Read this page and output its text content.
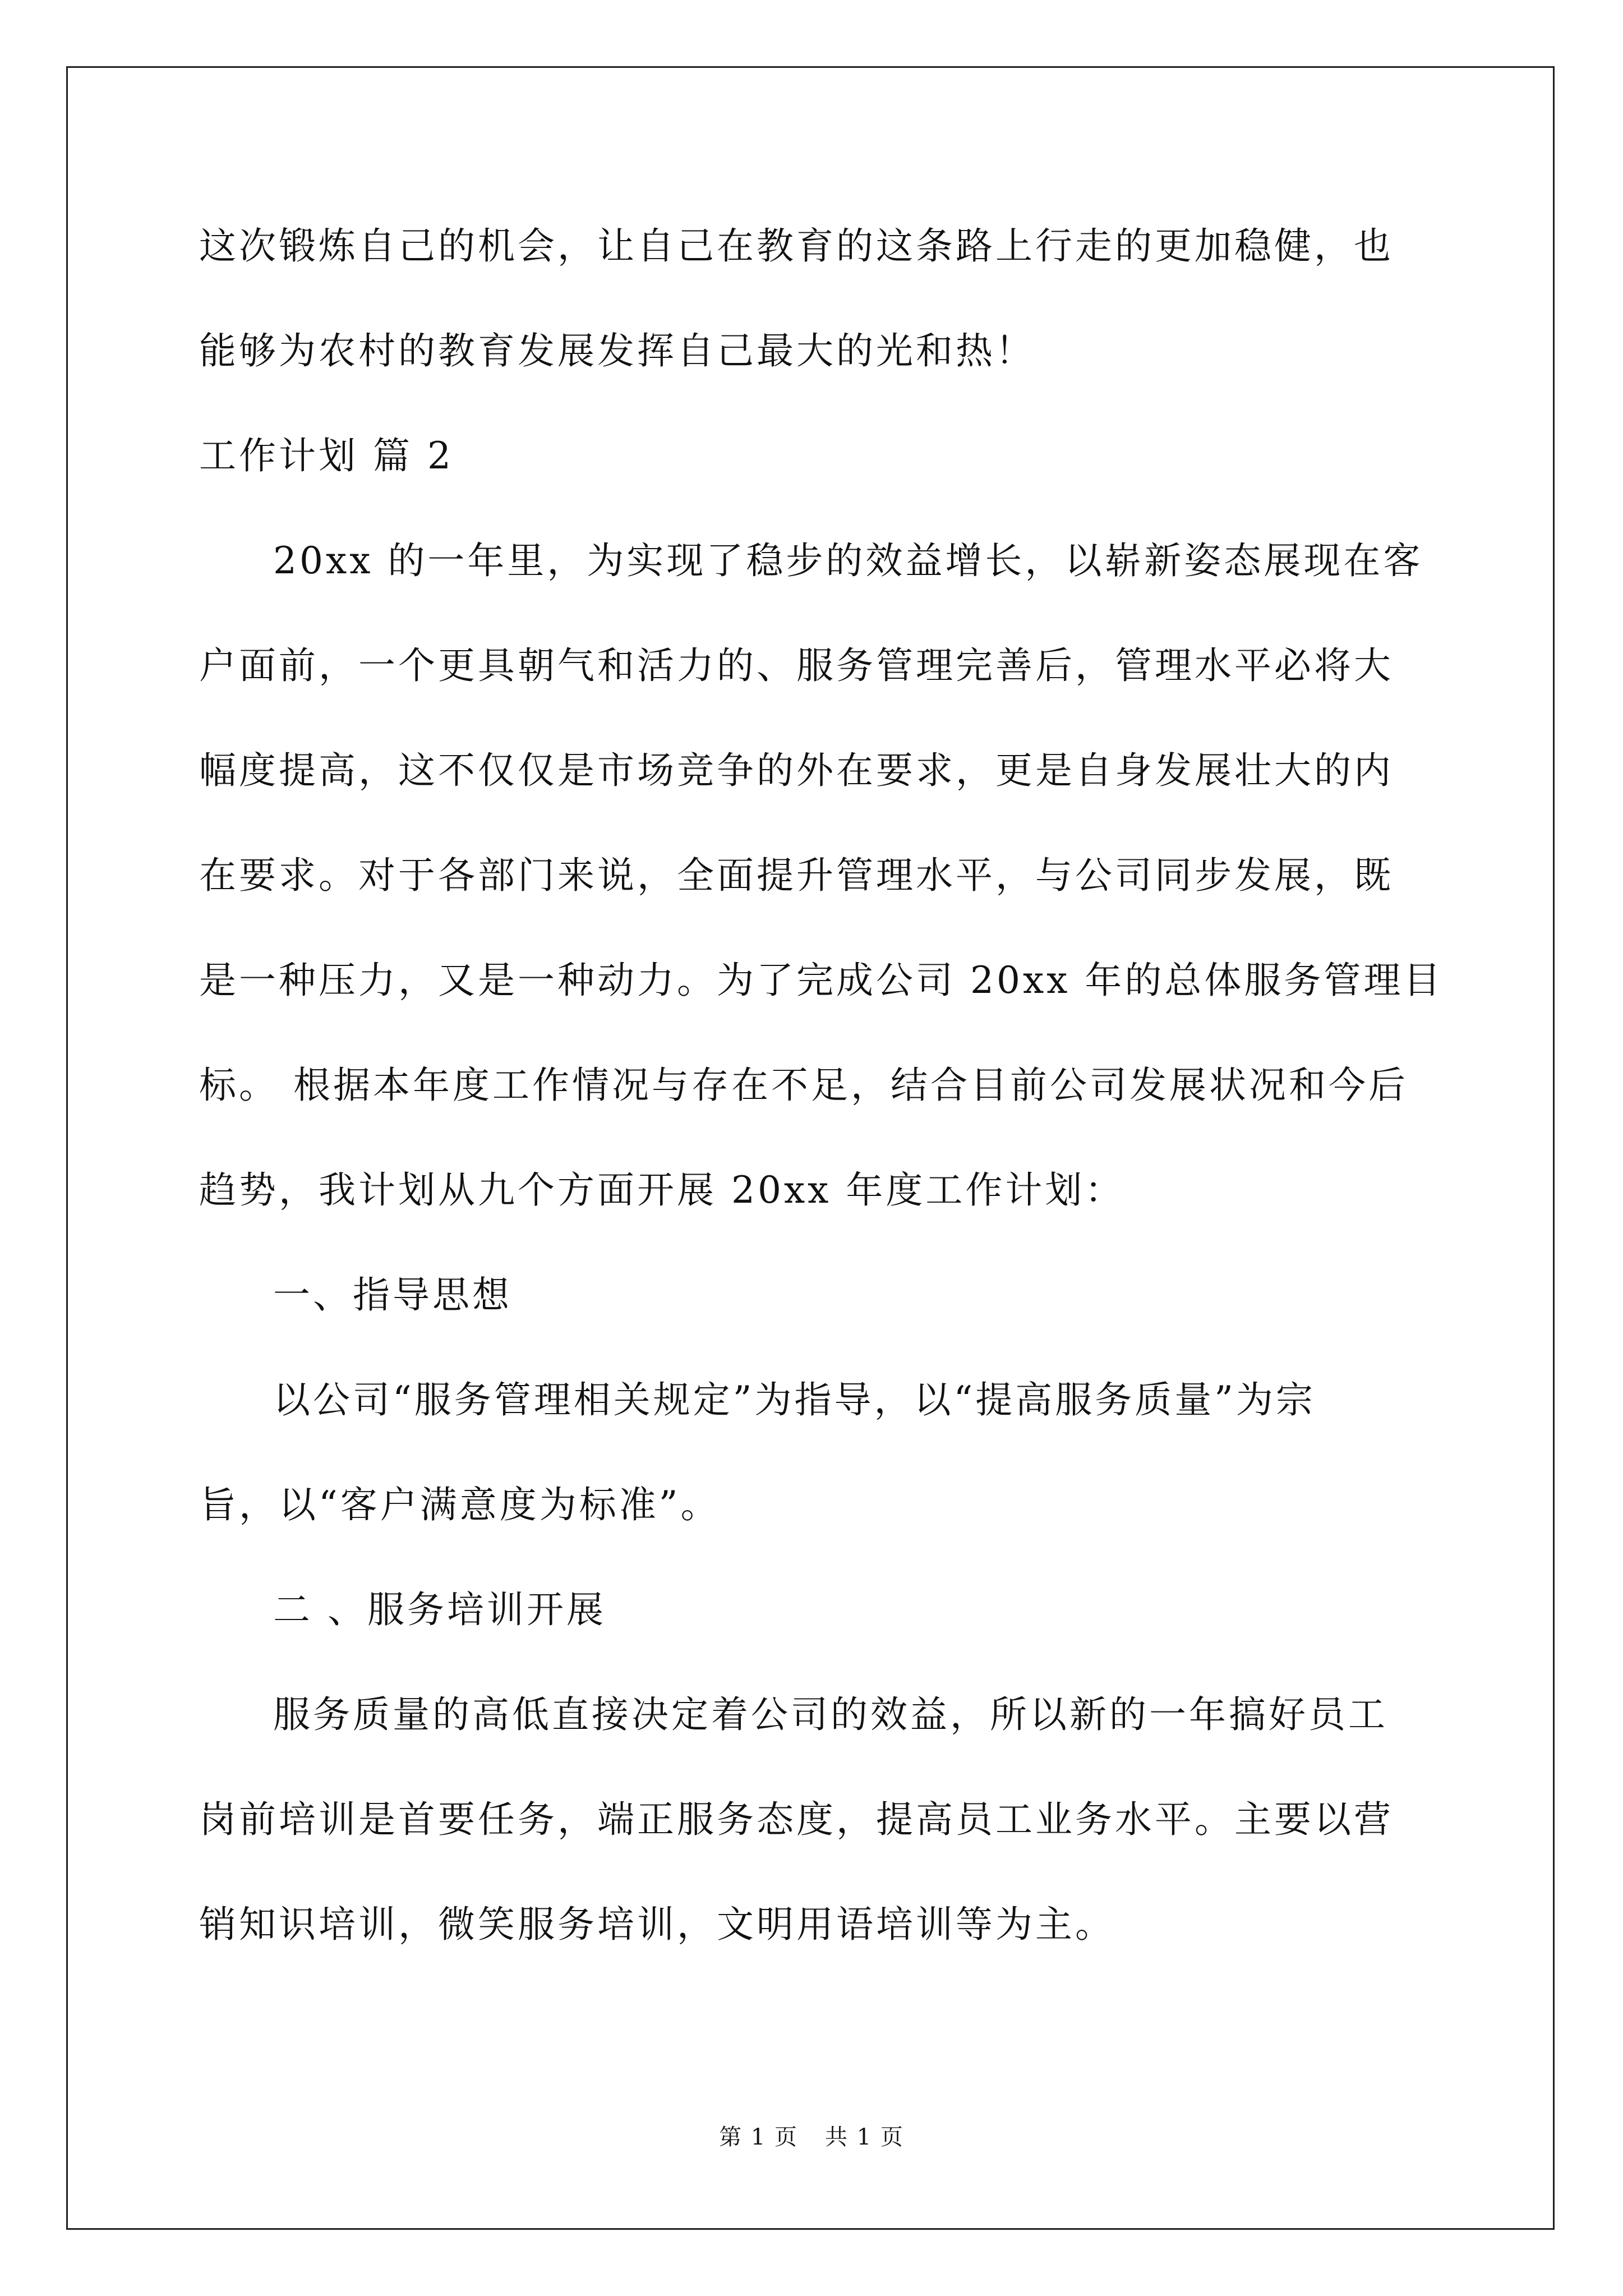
这次锻炼自己的机会，让自己在教育的这条路上行走的更加稳健，也
能够为农村的教育发展发挥自己最大的光和热！
工作计划 篇 2
20xx 的一年里，为实现了稳步的效益增长，以崭新姿态展现在客
户面前，一个更具朝气和活力的、服务管理完善后，管理水平必将大
幅度提高，这不仅仅是市场竞争的外在要求，更是自身发展壮大的内
在要求。对于各部门来说，全面提升管理水平，与公司同步发展，既
是一种压力，又是一种动力。为了完成公司 20xx 年的总体服务管理目
标。 根据本年度工作情况与存在不足，结合目前公司发展状况和今后
趋势，我计划从九个方面开展 20xx 年度工作计划：
一、指导思想
以公司“服务管理相关规定”为指导，以“提高服务质量”为宗
旨，以“客户满意度为标准”。
二 、服务培训开展
服务质量的高低直接决定着公司的效益，所以新的一年搞好员工
岗前培训是首要任务，端正服务态度，提高员工业务水平。主要以营
销知识培训，微笑服务培训，文明用语培训等为主。
第 1 页 共 1 页
